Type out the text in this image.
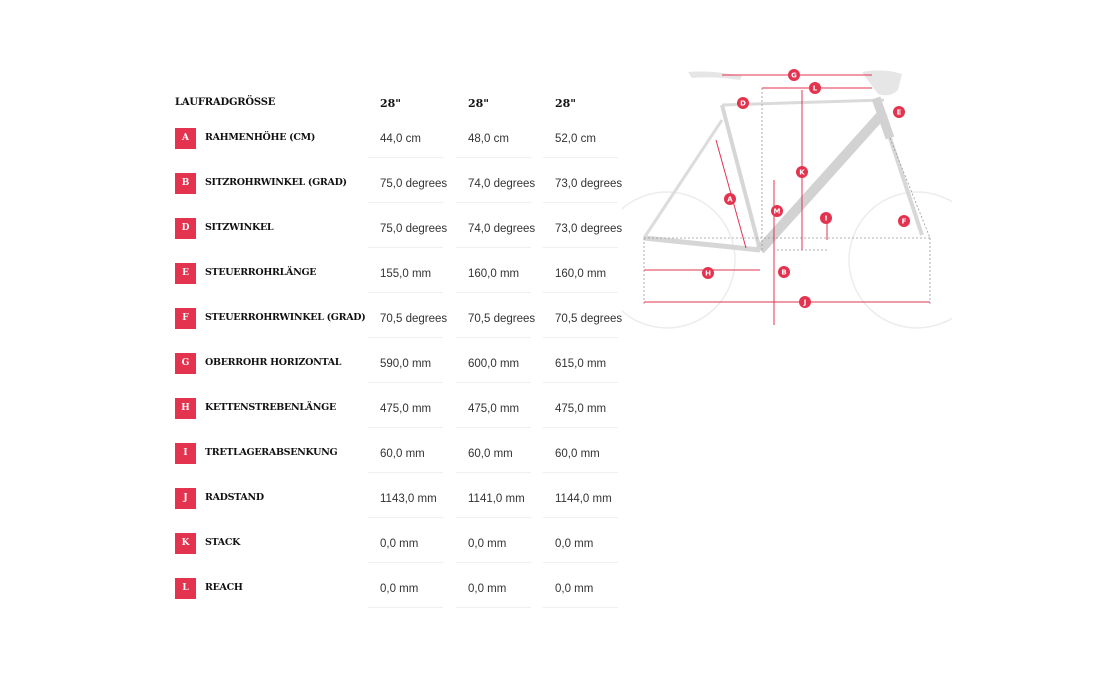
LAUFRADGRÖSSE	28"	28"	28"
A	RAHMENHÖHE (CM)	44,0 cm	48,0 cm	52,0 cm
B	SITZROHRWINKEL (GRAD)	75,0 degrees 74,0 degrees 73,0 degrees
D	SITZWINKEL	75,0 degrees 74,0 degrees 73,0 degrees
E	STEUERROHRLÄNGE	155,0 mm	160,0 mm	160,0 mm
F	STEUERROHRWINKEL (GRAD) 70,5 degrees 70,5 degrees 70,5 degrees
G	OBERROHR HORIZONTAL	590,0 mm	600,0 mm	615,0 mm
H	KETTENSTREBENLÄNGE	475,0 mm	475,0 mm	475,0 mm
I	TRETLAGERABSENKUNG	60,0 mm	60,0 mm	60,0 mm
J	RADSTAND	1143,0 mm	1141,0 mm	1144,0 mm
K	STACK	0,0 mm	0,0 mm	0,0 mm
L	REACH	0,0 mm	0,0 mm	0,0 mm
G
L
D
E
K
A
M
I	F
H	B
J
